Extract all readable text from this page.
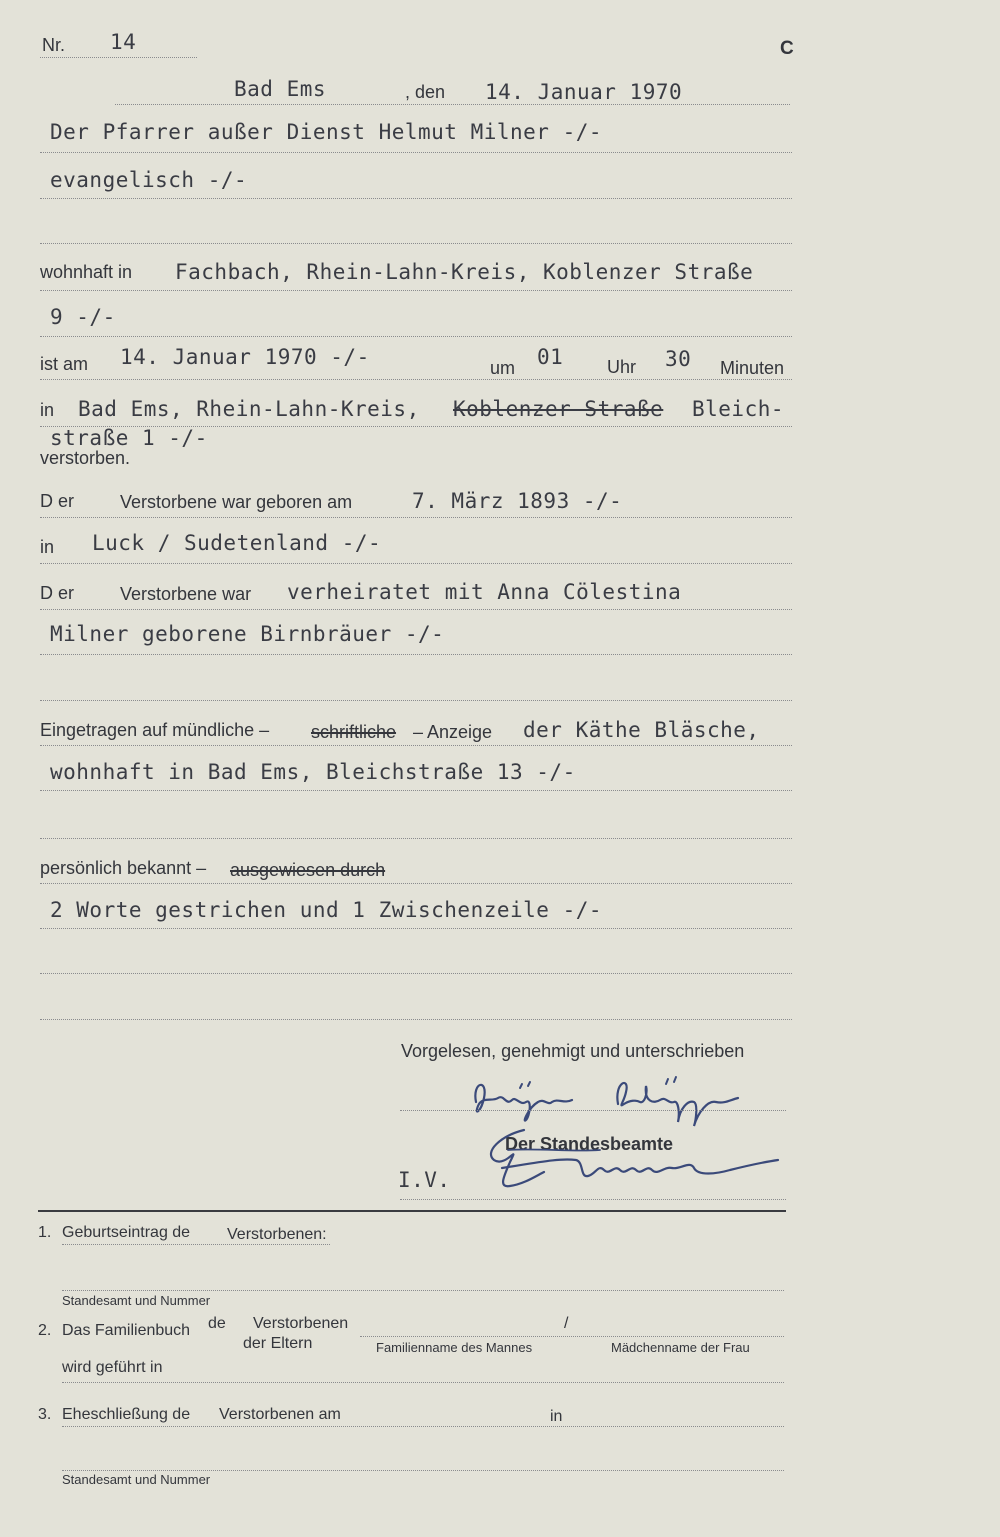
Nr. 14	C
Bad Ems	, den 14. Januar 1970
Der Pfarrer außer Dienst Helmut Milner -/-
evangelisch -/-
wohnhaft in Fachbach, Rhein-Lahn-Kreis, Koblenzer Straße
9 -/-
ist am 14. Januar 1970 -/-	um 01 Uhr 30 Minuten
in Bad Ems, Rhein-Lahn-Kreis, Koblenzer-Straße Bleich-
straße 1 -/-
verstorben.
D er	Verstorbene war geboren am	7. März 1893 -/-
in Luck / Sudetenland -/-
D er	Verstorbene war verheiratet mit Anna Cölestina
Milner geborene Birnbräuer -/-
Eingetragen auf mündliche – schriftliche – Anzeige der Käthe Bläsche,
wohnhaft in Bad Ems, Bleichstraße 13 -/-
persönlich bekannt – ausgewiesen durch
2 Worte gestrichen und 1 Zwischenzeile -/-
Vorgelesen, genehmigt und unterschrieben
Der Standesbeamte
I.V.
1. Geburtseintrag de Verstorbenen:
Standesamt und Nummer
2. Das Familienbuch de Verstorbenen
der Eltern
/
Familienname des Mannes	Mädchenname der Frau
wird geführt in
3. Eheschließung de Verstorbenen am	in
Standesamt und Nummer
